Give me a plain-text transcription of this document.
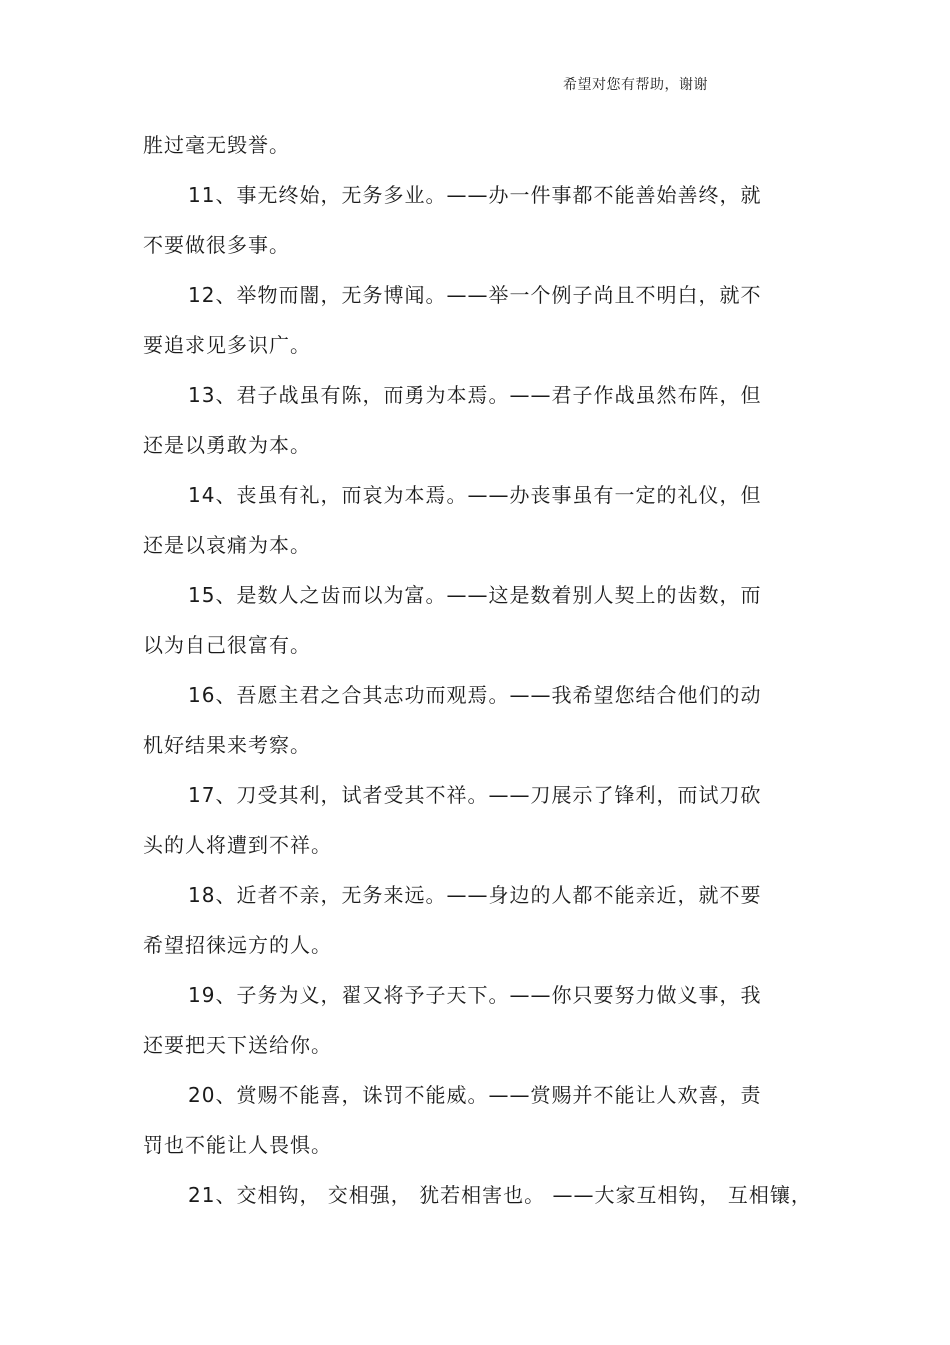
希望对您有帮助，谢谢
胜过毫无毁誉。
11、事无终始，无务多业。——办一件事都不能善始善终，就
不要做很多事。
12、举物而闇，无务博闻。——举一个例子尚且不明白，就不
要追求见多识广。
13、君子战虽有陈，而勇为本焉。——君子作战虽然布阵，但
还是以勇敢为本。
14、丧虽有礼，而哀为本焉。——办丧事虽有一定的礼仪，但
还是以哀痛为本。
15、是数人之齿而以为富。——这是数着别人契上的齿数，而
以为自己很富有。
16、吾愿主君之合其志功而观焉。——我希望您结合他们的动
机好结果来考察。
17、刀受其利，试者受其不祥。——刀展示了锋利，而试刀砍
头的人将遭到不祥。
18、近者不亲，无务来远。——身边的人都不能亲近，就不要
希望招徕远方的人。
19、子务为义，翟又将予子天下。——你只要努力做义事，我
还要把天下送给你。
20、赏赐不能喜，诛罚不能威。——赏赐并不能让人欢喜，责
罚也不能让人畏惧。
21、交相钩， 交相强， 犹若相害也。 ——大家互相钩， 互相镶，
